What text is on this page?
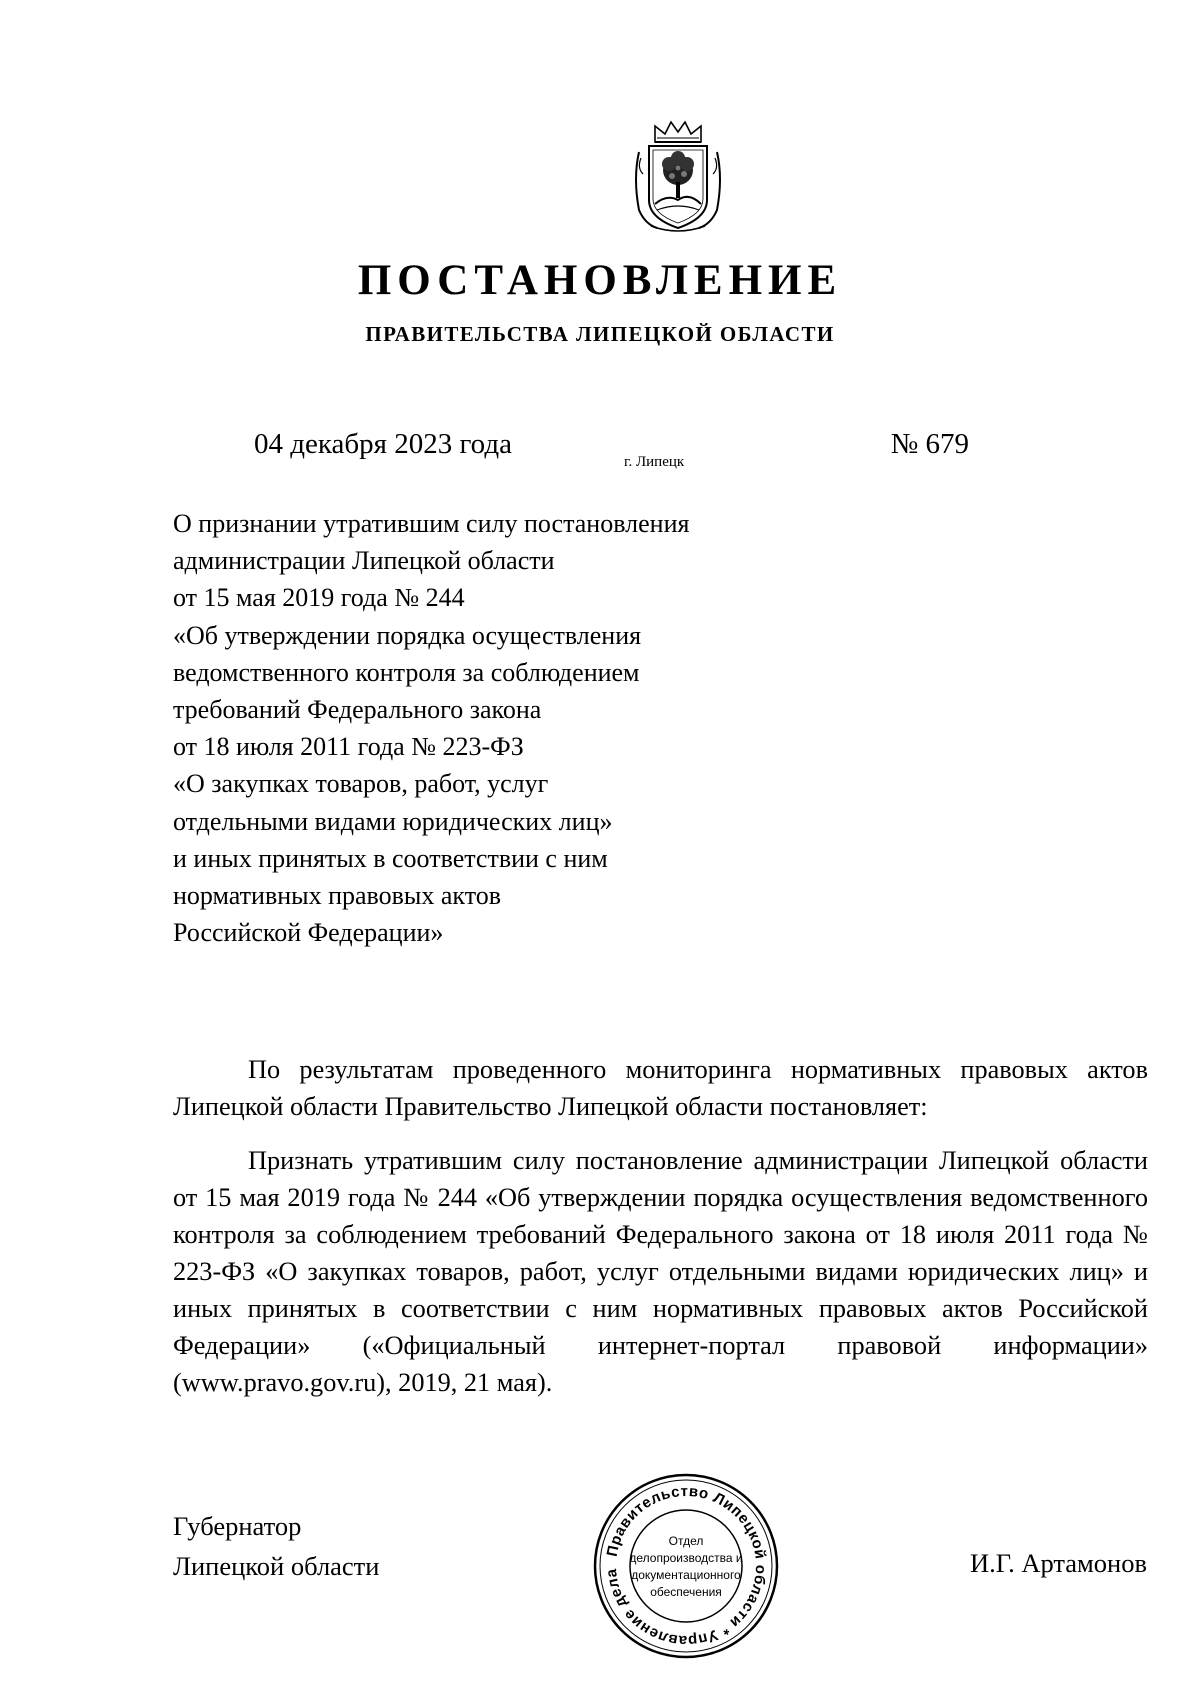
ПОСТАНОВЛЕНИЕ
ПРАВИТЕЛЬСТВА ЛИПЕЦКОЙ ОБЛАСТИ
04 декабря 2023 года
г. Липецк
№ 679
О признании утратившим силу постановления
администрации Липецкой области
от 15 мая 2019 года № 244
«Об утверждении порядка осуществления
ведомственного контроля за соблюдением
требований Федерального закона
от 18 июля 2011 года № 223-ФЗ
«О закупках товаров, работ, услуг
отдельными видами юридических лиц»
и иных принятых в соответствии с ним
нормативных правовых актов
Российской Федерации»

По результатам проведенного мониторинга нормативных правовых актов Липецкой области Правительство Липецкой области постановляет:

Признать утратившим силу постановление администрации Липецкой области от 15 мая 2019 года № 244 «Об утверждении порядка осуществления ведомственного контроля за соблюдением требований Федерального закона от 18 июля 2011 года № 223-ФЗ «О закупках товаров, работ, услуг отдельными видами юридических лиц» и иных принятых в соответствии с ним нормативных правовых актов Российской Федерации» («Официальный интернет-портал правовой информации» (www.pravo.gov.ru), 2019, 21 мая).

Губернатор
Липецкой области	И.Г. Артамонов
Правительство Липецкой области * Управление дела
Отдел
делопроизводства и
документационного
обеспечения
